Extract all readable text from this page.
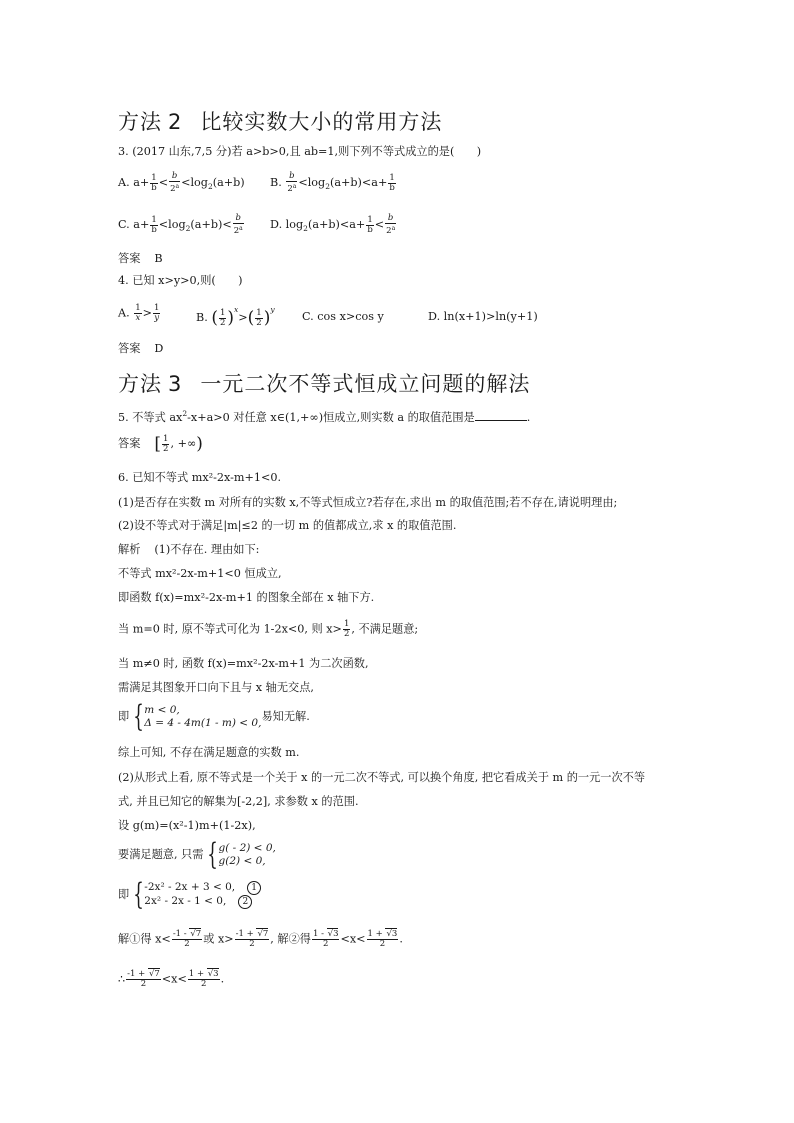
方法 2 比较实数大小的常用方法
3. (2017 山东,7,5 分)若 a>b>0,且 ab=1,则下列不等式成立的是(　　)
A. $a+ \frac{1}{b} < \frac{b}{2^a} <\log_2(a+b)$ B. $\frac{b}{2^a} <\log_2(a+b)<a+ \frac{1}{b}$
C. $a+ \frac{1}{b} <\log_2(a+b)< \frac{b}{2^a} D$. $\log_2(a+b)<a+ \frac{1}{b} < \frac{b}{2^a}$
答案 B
4. 已知 x>y>0,则(　　)
A. $\frac{1}{x} > \frac{1}{y}$	B. ( $\frac{1}{2} )^x>( \frac{1}{2} )^y$
C. cos x>cos y	D. ln(x+1)>ln(y+1)
答案 D
方法 3 一元二次不等式恒成立问题的解法
5. 不等式 $ax^2-x+a>0$ 对任意 x∈(1,+∞)恒成立,则实数 a 的取值范围是	.
答案 [ $\frac{1}{2}$ , +∞)
6. 已知不等式 mx²-2x-m+1<0.
(1)是否存在实数 m 对所有的实数 x,不等式恒成立?若存在,求出 m 的取值范围;若不存在,请说明理由;
(2)设不等式对于满足|m|≤2 的一切 m 的值都成立,求 x 的取值范围.
解析 (1)不存在. 理由如下:
不等式 mx²-2x-m+1<0 恒成立,
即函数 f(x)=mx²-2x-m+1 的图象全部在 x 轴下方.
当 m=0 时, 原不等式可化为 1-2x<0, 则 $x> \frac{1}{2}$ , 不满足题意;
当 m≠0 时, 函数 f(x)=mx²-2x-m+1 为二次函数,
需满足其图象开口向下且与 x 轴无交点,
即 { m < 0,
Δ = 4 - 4m(1 - m) < 0, 易知无解.
综上可知, 不存在满足题意的实数 m.
(2)从形式上看, 原不等式是一个关于 x 的一元二次不等式, 可以换个角度, 把它看成关于 m 的一元一次不等
式, 并且已知它的解集为[-2,2], 求参数 x 的范围.
设 g(m)=(x²-1)m+(1-2x),
要满足题意, 只需 { g( - 2) < 0,
g(2) < 0,
即 { -2x² - 2x + 3 < 0, 1
2x² - 2x - 1 < 0, 2
解①得 $x< \frac{-1 - √7}{2}$ 或 $x> \frac{-1 + √7}{2}$ , 解②得 $\frac{1 - √3}{2} <x< \frac{1 + √3}{2}$ .
∴ $\frac{-1 + √7}{2} <x< \frac{1 + √3}{2}$ .
